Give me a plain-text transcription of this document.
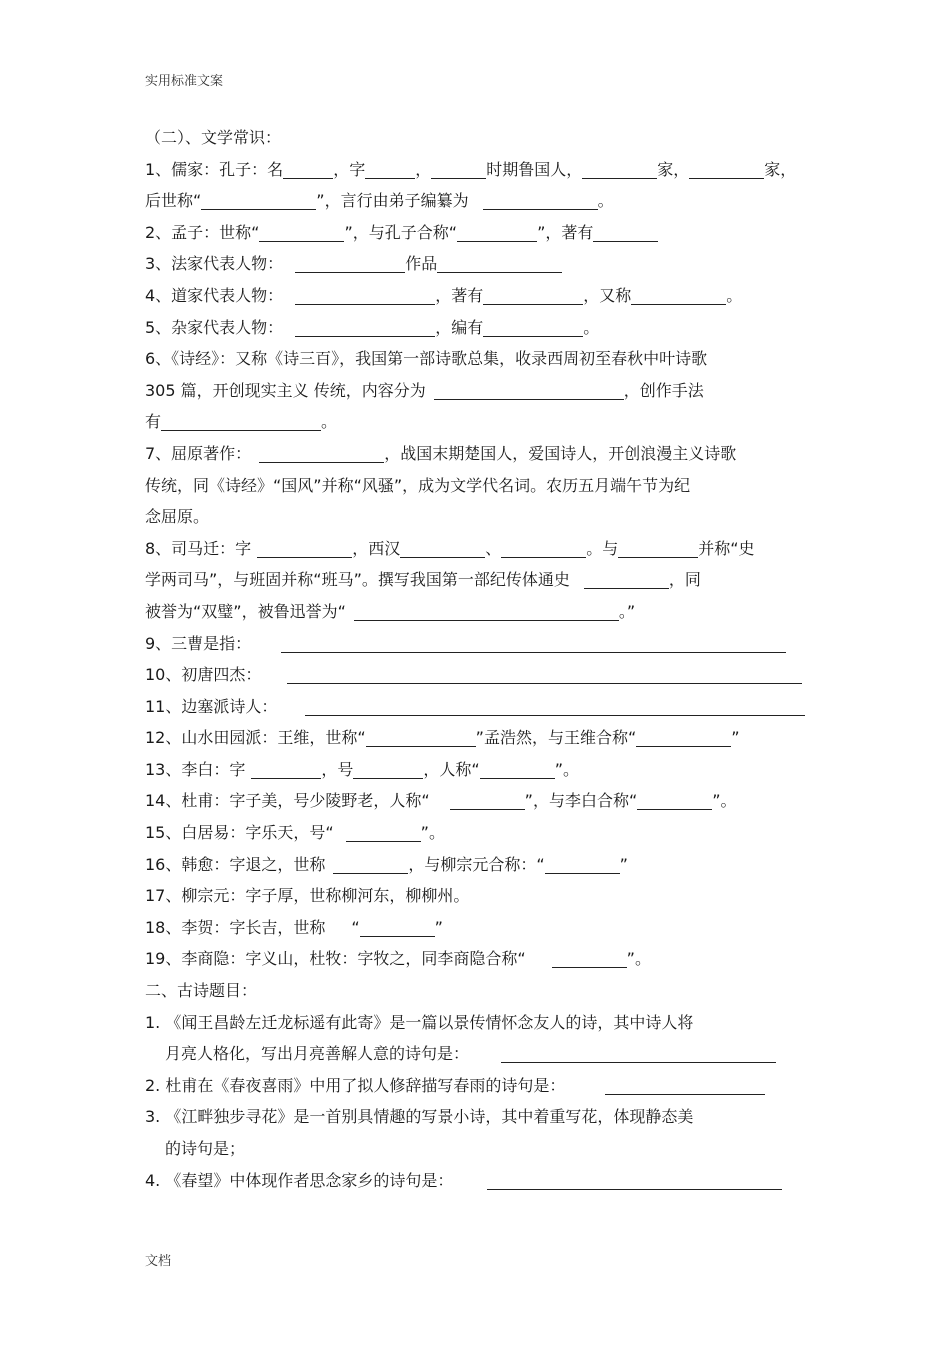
实用标准文案
（二）、文学常识：
1、儒家：孔子：名	，字	，	时期鲁国人，	家，	家，
后世称“	”，言行由弟子编纂为	。
2、孟子：世称“	”，与孔子合称“	”，著有
3、法家代表人物：	作品
4、道家代表人物：	，著有	，又称	。
5、杂家代表人物：	，编有	。
6、《诗经》：又称《诗三百》，我国第一部诗歌总集，收录西周初至春秋中叶诗歌
305 篇，开创现实主义 传统，内容分为	，创作手法
有	。
7、屈原著作：	，战国末期楚国人，爱国诗人，开创浪漫主义诗歌
传统，同《诗经》“国风”并称“风骚”，成为文学代名词。农历五月端午节为纪
念屈原。
8、司马迁：字	，西汉	、	。与	并称“史
学两司马”，与班固并称“班马”。撰写我国第一部纪传体通史	，同
被誉为“双璧”，被鲁迅誉为“	。”
9、三曹是指：
10、初唐四杰：
11、边塞派诗人：
12、山水田园派：王维，世称“	”孟浩然，与王维合称“	”
13、李白：字	，号	，人称“	”。
14、杜甫：字子美，号少陵野老，人称“	”，与李白合称“	”。
15、白居易：字乐天，号“	”。
16、韩愈：字退之，世称	，与柳宗元合称：“	”
17、柳宗元：字子厚，世称柳河东，柳柳州。
18、李贺：字长吉，世称 “	”
19、李商隐：字义山，杜牧：字牧之，同李商隐合称“	”。
二、古诗题目：
1. 《闻王昌龄左迁龙标遥有此寄》是一篇以景传情怀念友人的诗，其中诗人将
月亮人格化，写出月亮善解人意的诗句是：
2. 杜甫在《春夜喜雨》中用了拟人修辞描写春雨的诗句是：
3. 《江畔独步寻花》是一首别具情趣的写景小诗，其中着重写花，体现静态美
的诗句是；
4. 《春望》中体现作者思念家乡的诗句是：
文档
